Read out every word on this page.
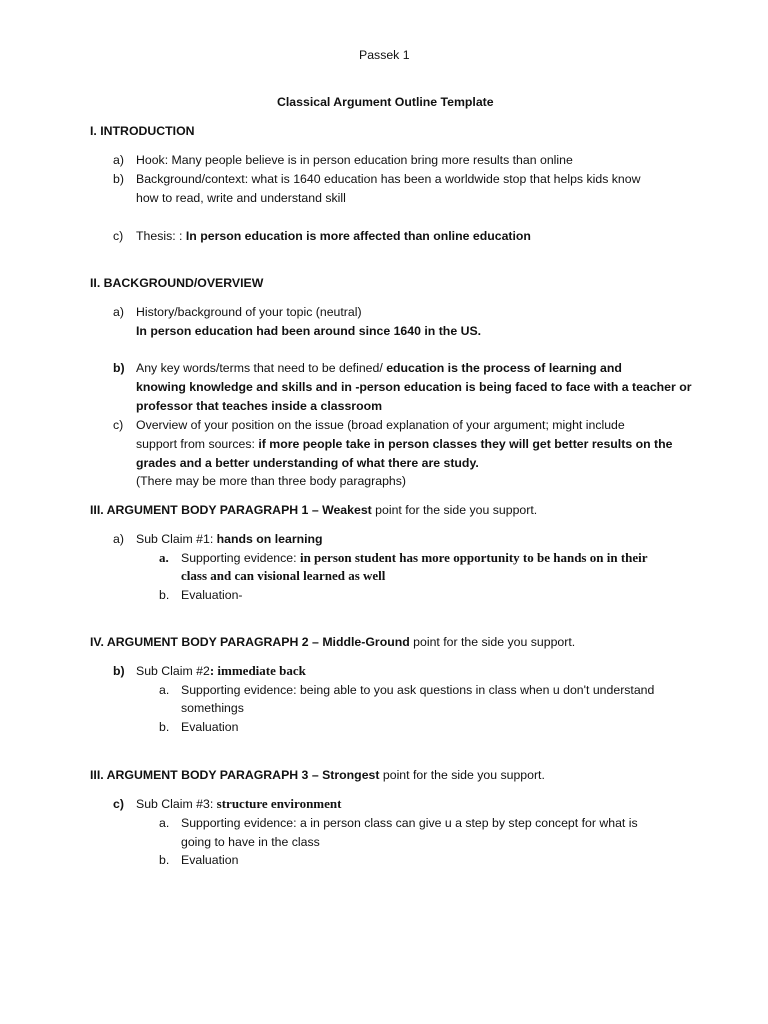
Passek 1
Classical Argument Outline Template
I. INTRODUCTION
a) Hook: Many people believe is in person education bring more results than online
b) Background/context: what is 1640 education has been a worldwide stop that helps kids know
how to read, write and understand skill
c) Thesis: : In person education is more affected than online education
II. BACKGROUND/OVERVIEW
a) History/background of your topic (neutral)
In person education had been around since 1640 in the US.
b) Any key words/terms that need to be defined/ education is the process of learning and
knowing knowledge and skills and in -person education is being faced to face with a teacher or
professor that teaches inside a classroom
c) Overview of your position on the issue (broad explanation of your argument; might include
support from sources: if more people take in person classes they will get better results on the
grades and a better understanding of what there are study.
(There may be more than three body paragraphs)
III. ARGUMENT BODY PARAGRAPH 1 – Weakest point for the side you support.
a) Sub Claim #1: hands on learning
a. Supporting evidence: in person student has more opportunity to be hands on in their
class and can visional learned as well
b. Evaluation-
IV. ARGUMENT BODY PARAGRAPH 2 – Middle-Ground point for the side you support.
b) Sub Claim #2: immediate back
a. Supporting evidence: being able to you ask questions in class when u don't understand
somethings
b. Evaluation
III. ARGUMENT BODY PARAGRAPH 3 – Strongest point for the side you support.
c) Sub Claim #3: structure environment
a. Supporting evidence: a in person class can give u a step by step concept for what is
going to have in the class
b. Evaluation
